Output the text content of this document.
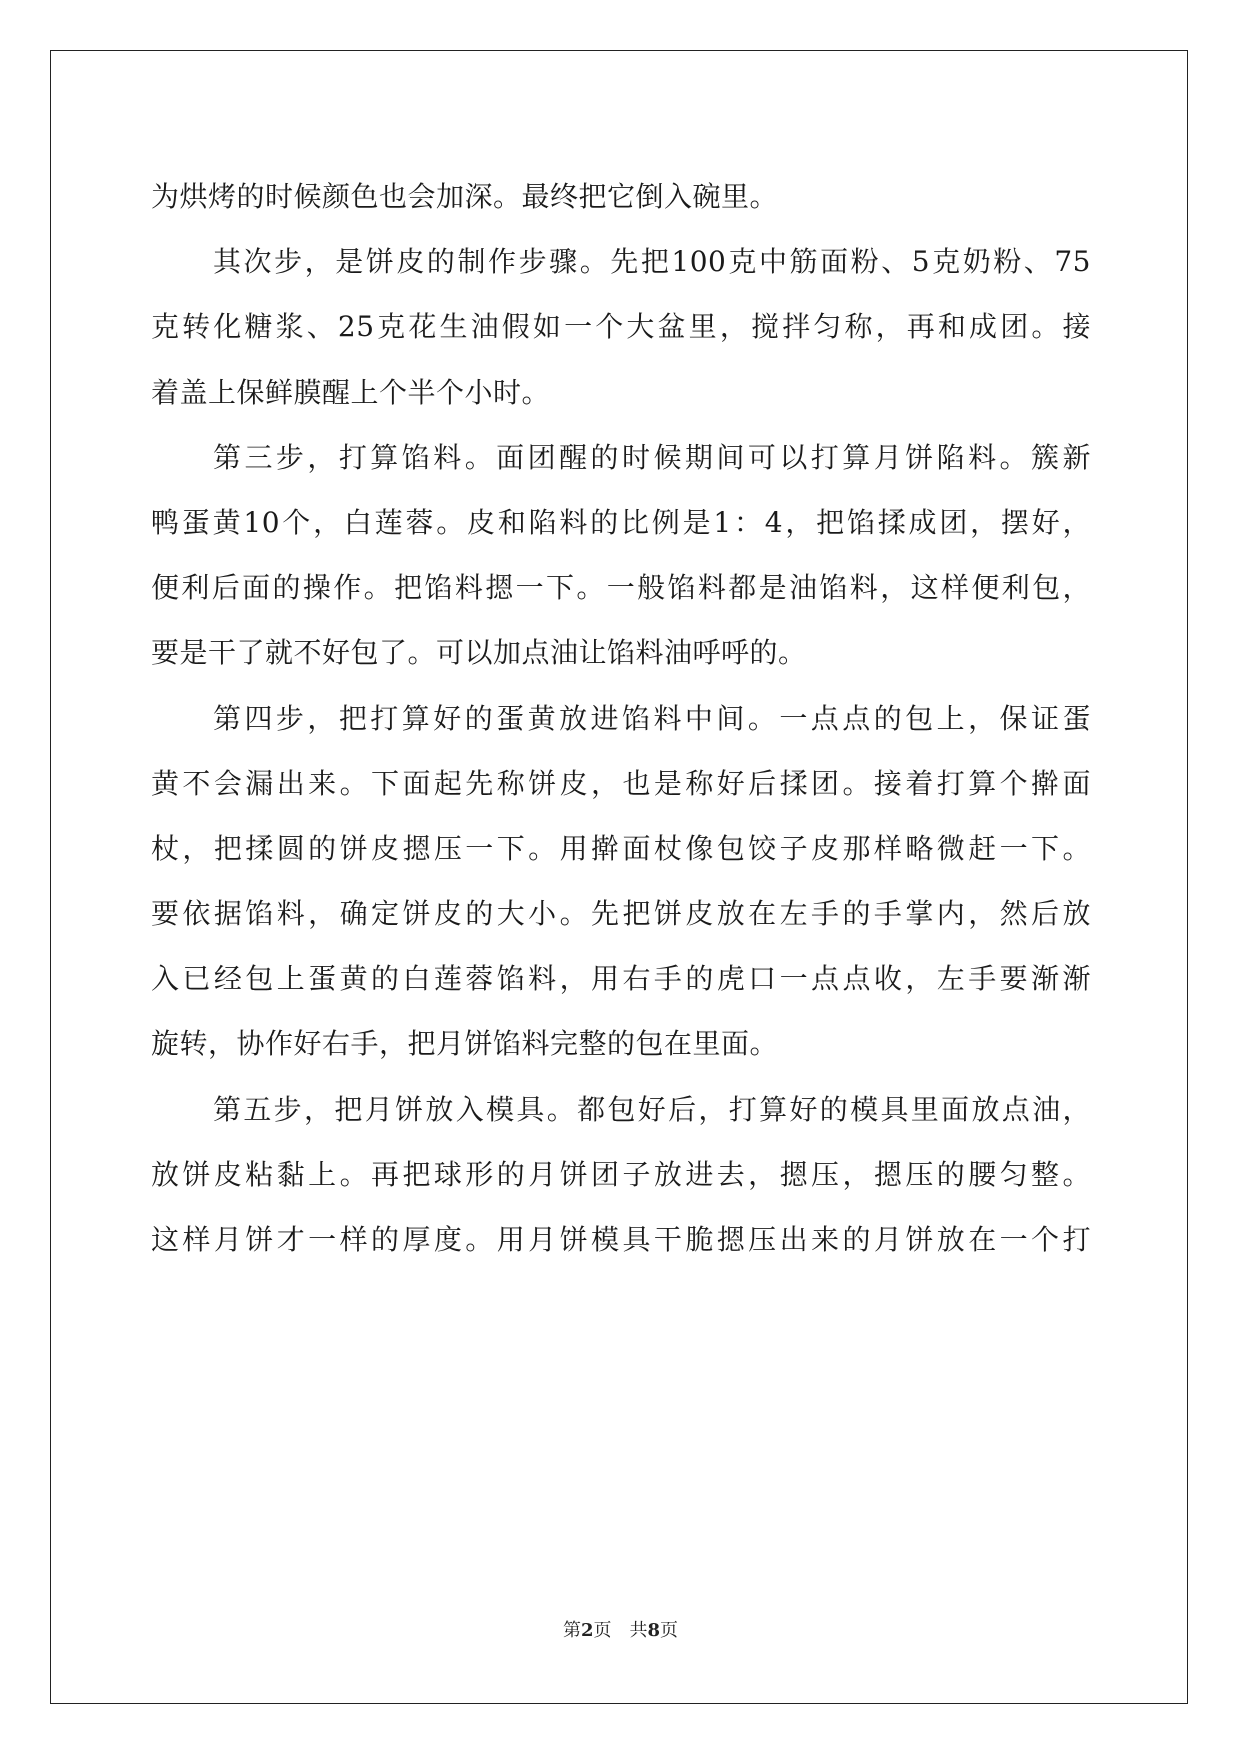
为烘烤的时候颜色也会加深。最终把它倒入碗里。
其次步，是饼皮的制作步骤。先把100克中筋面粉、5克奶粉、75
克转化糖浆、25克花生油假如一个大盆里，搅拌匀称，再和成团。接
着盖上保鲜膜醒上个半个小时。
第三步，打算馅料。面团醒的时候期间可以打算月饼陷料。簇新
鸭蛋黄10个，白莲蓉。皮和陷料的比例是1：4，把馅揉成团，摆好，
便利后面的操作。把馅料摁一下。一般馅料都是油馅料，这样便利包，
要是干了就不好包了。可以加点油让馅料油呼呼的。
第四步，把打算好的蛋黄放进馅料中间。一点点的包上，保证蛋
黄不会漏出来。下面起先称饼皮，也是称好后揉团。接着打算个擀面
杖，把揉圆的饼皮摁压一下。用擀面杖像包饺子皮那样略微赶一下。
要依据馅料，确定饼皮的大小。先把饼皮放在左手的手掌内，然后放
入已经包上蛋黄的白莲蓉馅料，用右手的虎口一点点收，左手要渐渐
旋转，协作好右手，把月饼馅料完整的包在里面。
第五步，把月饼放入模具。都包好后，打算好的模具里面放点油，
放饼皮粘黏上。再把球形的月饼团子放进去，摁压，摁压的腰匀整。
这样月饼才一样的厚度。用月饼模具干脆摁压出来的月饼放在一个打
第2页 共8页
